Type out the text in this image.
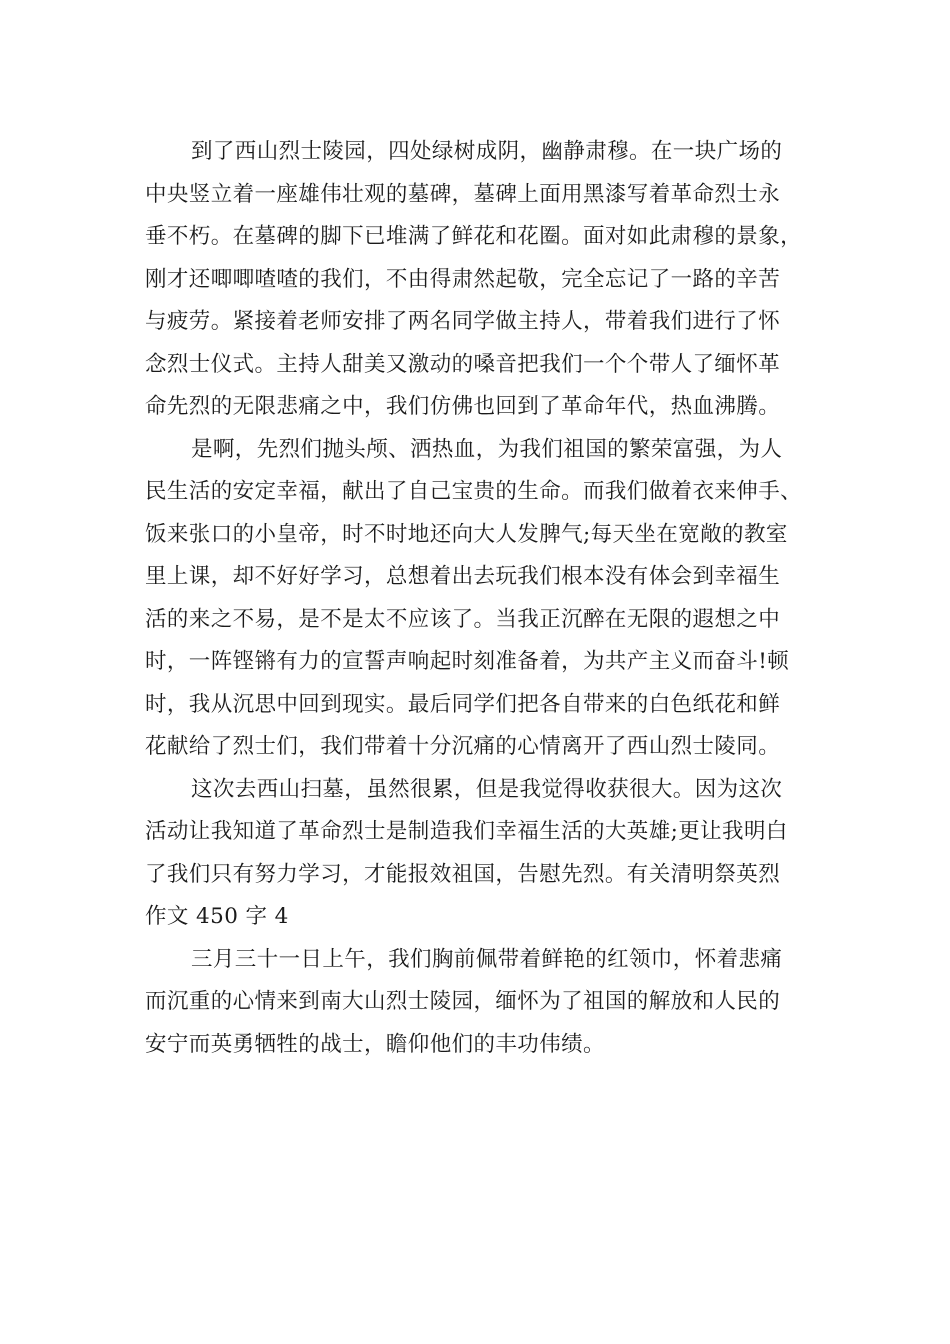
到了西山烈士陵园，四处绿树成阴，幽静肃穆。在一块广场的
中央竖立着一座雄伟壮观的墓碑，墓碑上面用黑漆写着革命烈士永
垂不朽。在墓碑的脚下已堆满了鲜花和花圈。面对如此肃穆的景象，
刚才还唧唧喳喳的我们，不由得肃然起敬，完全忘记了一路的辛苦
与疲劳。紧接着老师安排了两名同学做主持人，带着我们进行了怀
念烈士仪式。主持人甜美又激动的嗓音把我们一个个带人了缅怀革
命先烈的无限悲痛之中，我们仿佛也回到了革命年代，热血沸腾。
是啊，先烈们抛头颅、洒热血，为我们祖国的繁荣富强，为人
民生活的安定幸福，献出了自己宝贵的生命。而我们做着衣来伸手、
饭来张口的小皇帝，时不时地还向大人发脾气;每天坐在宽敞的教室
里上课，却不好好学习，总想着出去玩我们根本没有体会到幸福生
活的来之不易，是不是太不应该了。当我正沉醉在无限的遐想之中
时，一阵铿锵有力的宣誓声响起时刻准备着，为共产主义而奋斗!顿
时，我从沉思中回到现实。最后同学们把各自带来的白色纸花和鲜
花献给了烈士们，我们带着十分沉痛的心情离开了西山烈士陵同。
这次去西山扫墓，虽然很累，但是我觉得收获很大。因为这次
活动让我知道了革命烈士是制造我们幸福生活的大英雄;更让我明白
了我们只有努力学习，才能报效祖国，告慰先烈。有关清明祭英烈
作文 450 字 4
三月三十一日上午，我们胸前佩带着鲜艳的红领巾，怀着悲痛
而沉重的心情来到南大山烈士陵园，缅怀为了祖国的解放和人民的
安宁而英勇牺牲的战士，瞻仰他们的丰功伟绩。
